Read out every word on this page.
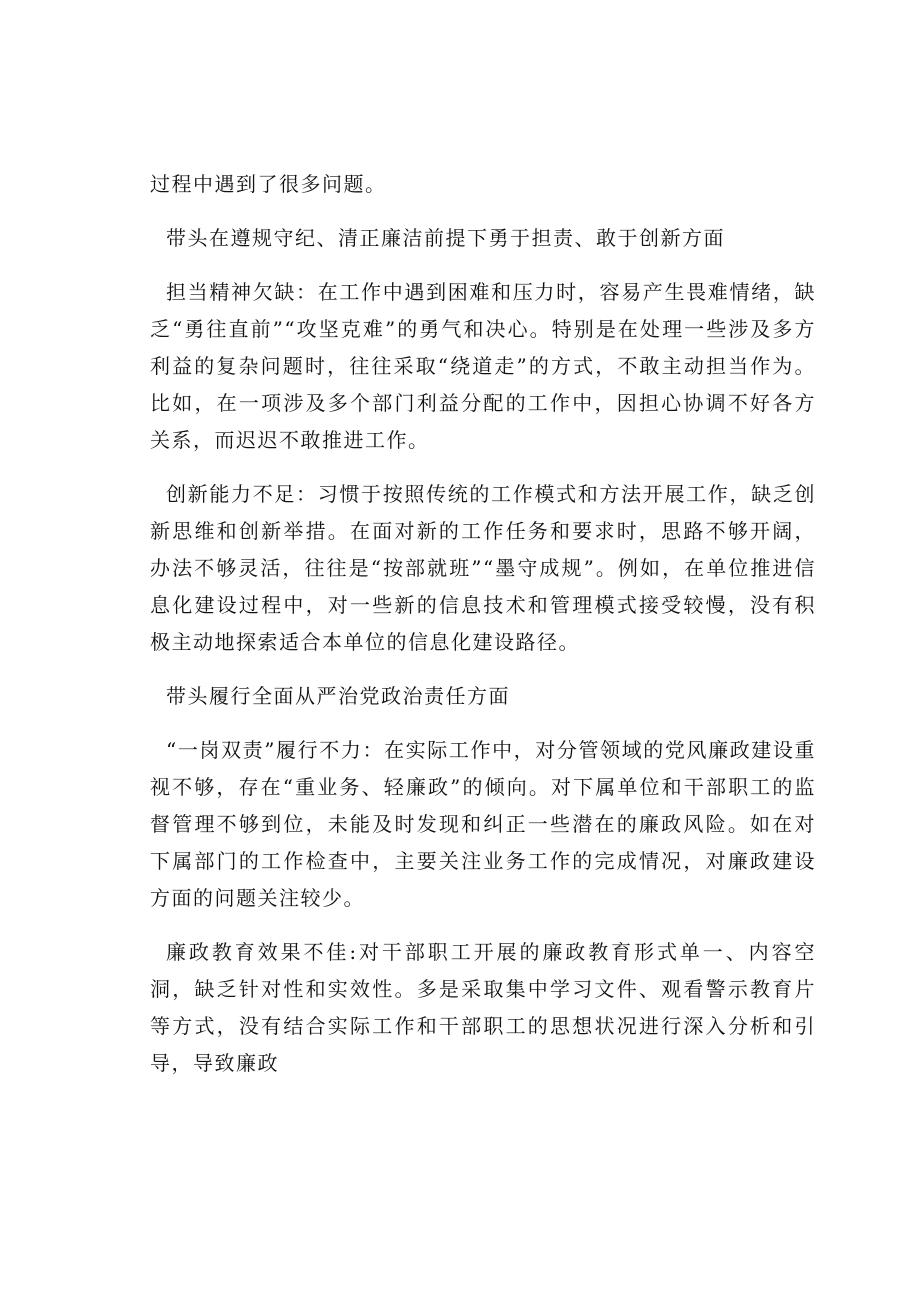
过程中遇到了很多问题。

带头在遵规守纪、清正廉洁前提下勇于担责、敢于创新方面

担当精神欠缺：在工作中遇到困难和压力时，容易产生畏难情绪，缺乏“勇往直前”“攻坚克难”的勇气和决心。特别是在处理一些涉及多方利益的复杂问题时，往往采取“绕道走”的方式，不敢主动担当作为。比如，在一项涉及多个部门利益分配的工作中，因担心协调不好各方关系，而迟迟不敢推进工作。

创新能力不足：习惯于按照传统的工作模式和方法开展工作，缺乏创新思维和创新举措。在面对新的工作任务和要求时，思路不够开阔，办法不够灵活，往往是“按部就班”“墨守成规”。例如，在单位推进信息化建设过程中，对一些新的信息技术和管理模式接受较慢，没有积极主动地探索适合本单位的信息化建设路径。

带头履行全面从严治党政治责任方面

“一岗双责”履行不力：在实际工作中，对分管领域的党风廉政建设重视不够，存在“重业务、轻廉政”的倾向。对下属单位和干部职工的监督管理不够到位，未能及时发现和纠正一些潜在的廉政风险。如在对下属部门的工作检查中，主要关注业务工作的完成情况，对廉政建设方面的问题关注较少。

廉政教育效果不佳:对干部职工开展的廉政教育形式单一、内容空洞，缺乏针对性和实效性。多是采取集中学习文件、观看警示教育片等方式，没有结合实际工作和干部职工的思想状况进行深入分析和引导，导致廉政
